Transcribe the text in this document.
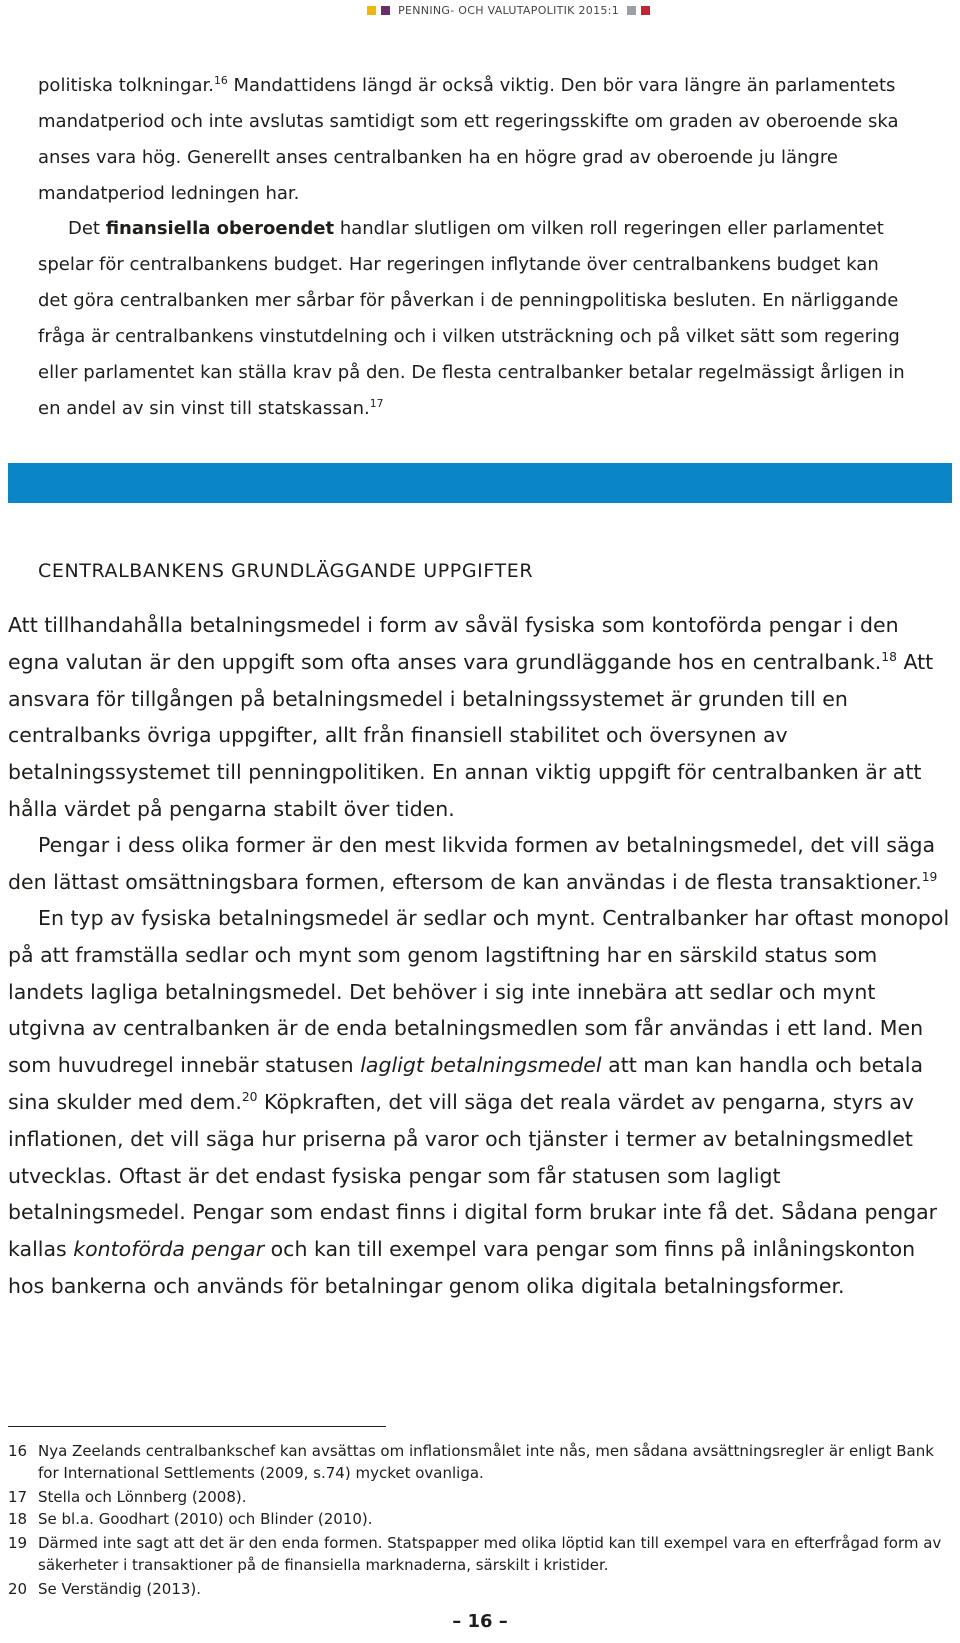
PENNING- OCH VALUTAPOLITIK 2015:1

politiska tolkningar.$^{16}$ Mandattidens längd är också viktig. Den bör vara längre än parlamentets mandatperiod och inte avslutas samtidigt som ett regeringsskifte om graden av oberoende ska anses vara hög. Generellt anses centralbanken ha en högre grad av oberoende ju längre mandatperiod ledningen har.

Det finansiella oberoendet handlar slutligen om vilken roll regeringen eller parlamentet spelar för centralbankens budget. Har regeringen inflytande över centralbankens budget kan det göra centralbanken mer sårbar för påverkan i de penningpolitiska besluten. En närliggande fråga är centralbankens vinstutdelning och i vilken utsträckning och på vilket sätt som regering eller parlamentet kan ställa krav på den. De flesta centralbanker betalar regelmässigt årligen in en andel av sin vinst till statskassan.$^{17}$

CENTRALBANKENS GRUNDLÄGGANDE UPPGIFTER

Att tillhandahålla betalningsmedel i form av såväl fysiska som kontoförda pengar i den egna valutan är den uppgift som ofta anses vara grundläggande hos en centralbank.$^{18}$ Att ansvara för tillgången på betalningsmedel i betalningssystemet är grunden till en centralbanks övriga uppgifter, allt från finansiell stabilitet och översynen av betalningssystemet till penningpolitiken. En annan viktig uppgift för centralbanken är att hålla värdet på pengarna stabilt över tiden.

Pengar i dess olika former är den mest likvida formen av betalningsmedel, det vill säga den lättast omsättningsbara formen, eftersom de kan användas i de flesta transaktioner.$^{19}$

En typ av fysiska betalningsmedel är sedlar och mynt. Centralbanker har oftast monopol på att framställa sedlar och mynt som genom lagstiftning har en särskild status som landets lagliga betalningsmedel. Det behöver i sig inte innebära att sedlar och mynt utgivna av centralbanken är de enda betalningsmedlen som får användas i ett land. Men som huvudregel innebär statusen lagligt betalningsmedel att man kan handla och betala sina skulder med dem.$^{20}$ Köpkraften, det vill säga det reala värdet av pengarna, styrs av inflationen, det vill säga hur priserna på varor och tjänster i termer av betalningsmedlet utvecklas. Oftast är det endast fysiska pengar som får statusen som lagligt betalningsmedel. Pengar som endast finns i digital form brukar inte få det. Sådana pengar kallas kontoförda pengar och kan till exempel vara pengar som finns på inlåningskonton hos bankerna och används för betalningar genom olika digitala betalningsformer.

16 Nya Zeelands centralbankschef kan avsättas om inflationsmålet inte nås, men sådana avsättningsregler är enligt Bank for International Settlements (2009, s.74) mycket ovanliga.
17 Stella och Lönnberg (2008).
18 Se bl.a. Goodhart (2010) och Blinder (2010).
19 Därmed inte sagt att det är den enda formen. Statspapper med olika löptid kan till exempel vara en efterfrågad form av säkerheter i transaktioner på de finansiella marknaderna, särskilt i kristider.
20 Se Verständig (2013).
– 16 –
